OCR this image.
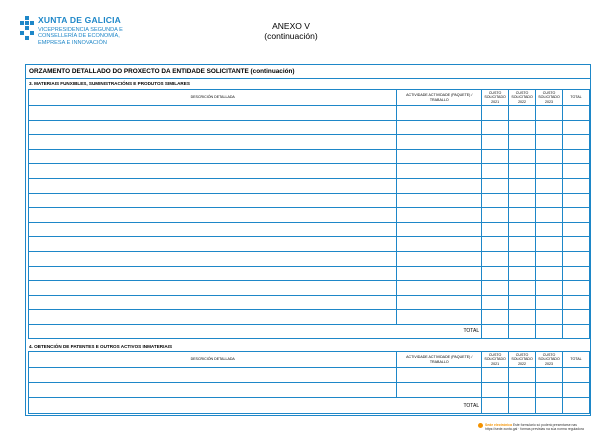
XUNTA DE GALICIA
VICEPRESIDENCIA SEGUNDA E
CONSELLERÍA DE ECONOMÍA,
EMPRESA E INNOVACIÓN
ANEXO V
(continuación)
ORZAMENTO DETALLADO DO PROXECTO DA ENTIDADE SOLICITANTE (continuación)
3. MATERIAIS FUNXIBLES, SUMINISTRACIÓNS E PRODUTOS SIMILARES
DESCRICIÓN DETALLADA	ACTIVIDADE ACTIVIDADE (PAQUETE) / TRABALLO	CUSTO SOLICITADO 2021	CUSTO SOLICITADO 2022	CUSTO SOLICITADO 2023	TOTAL

TOTAL					
4. OBTENCIÓN DE PATENTES E OUTROS ACTIVOS INMATERIAIS
DESCRICIÓN DETALLADA	ACTIVIDADE ACTIVIDADE (PAQUETE) / TRABALLO	CUSTO SOLICITADO 2021	CUSTO SOLICITADO 2022	CUSTO SOLICITADO 2023	TOTAL

TOTAL					
Sede electrónica Este formulario só poderá presentarse nas
https://sede.xunta.gal · formas previstas na súa norma reguladora
